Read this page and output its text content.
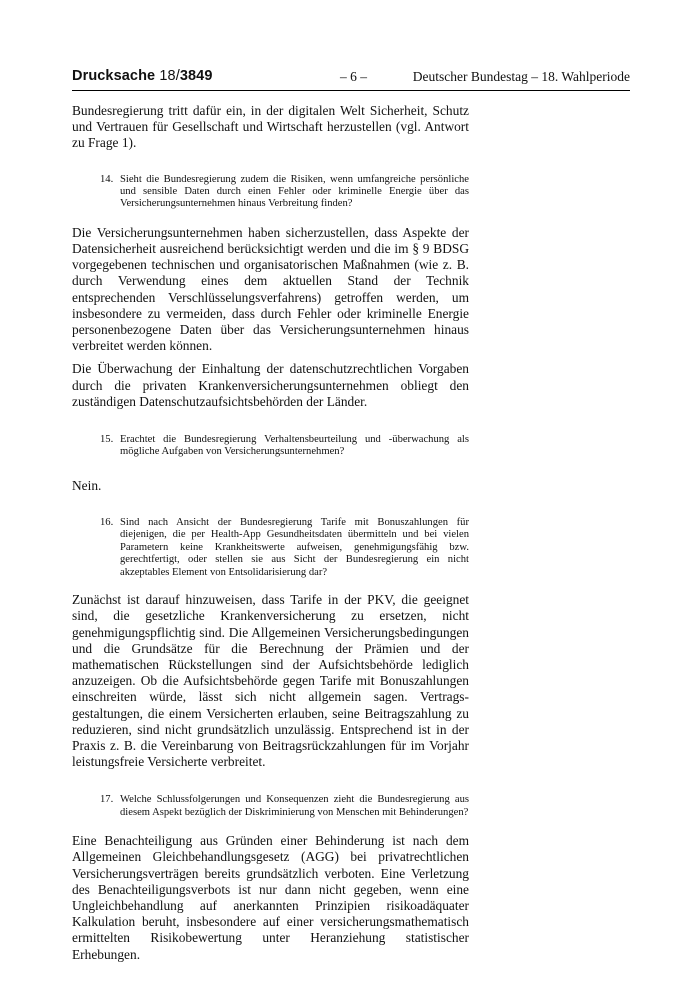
Drucksache 18/3849	– 6 –	Deutscher Bundestag – 18. Wahlperiode

Bundesregierung tritt dafür ein, in der digitalen Welt Sicherheit, Schutz und Vertrauen für Gesellschaft und Wirtschaft herzustellen (vgl. Antwort zu Frage 1).

14. Sieht die Bundesregierung zudem die Risiken, wenn umfangreiche persönliche und sensible Daten durch einen Fehler oder kriminelle Energie über das Versicherungsunternehmen hinaus Verbreitung finden?

Die Versicherungsunternehmen haben sicherzustellen, dass Aspekte der Datensicherheit ausreichend berücksichtigt werden und die im § 9 BDSG vorgegebenen technischen und organisatorischen Maßnahmen (wie z. B. durch Verwendung eines dem aktuellen Stand der Technik entsprechenden Verschlüsselungsverfahrens) getroffen werden, um insbesondere zu vermeiden, dass durch Fehler oder kriminelle Energie personenbezogene Daten über das Versicherungsunternehmen hinaus verbreitet werden können.

Die Überwachung der Einhaltung der datenschutzrechtlichen Vorgaben durch die privaten Krankenversicherungsunternehmen obliegt den zuständigen Datenschutzaufsichtsbehörden der Länder.

15. Erachtet die Bundesregierung Verhaltensbeurteilung und -überwachung als mögliche Aufgaben von Versicherungsunternehmen?

Nein.

16. Sind nach Ansicht der Bundesregierung Tarife mit Bonuszahlungen für diejenigen, die per Health-App Gesundheitsdaten übermitteln und bei vielen Parametern keine Krankheitswerte aufweisen, genehmigungsfähig bzw. gerechtfertigt, oder stellen sie aus Sicht der Bundesregierung ein nicht akzeptables Element von Entsolidarisierung dar?

Zunächst ist darauf hinzuweisen, dass Tarife in der PKV, die geeignet sind, die gesetzliche Krankenversicherung zu ersetzen, nicht genehmigungspflichtig sind. Die Allgemeinen Versicherungsbedingungen und die Grundsätze für die Berechnung der Prämien und der mathematischen Rückstellungen sind der Aufsichtsbehörde lediglich anzuzeigen. Ob die Aufsichtsbehörde gegen Tarife mit Bonuszahlungen einschreiten würde, lässt sich nicht allgemein sagen. Vertragsgestaltungen, die einem Versicherten erlauben, seine Beitragszahlung zu reduzieren, sind nicht grundsätzlich unzulässig. Entsprechend ist in der Praxis z. B. die Vereinbarung von Beitragsrückzahlungen für im Vorjahr leistungsfreie Versicherte verbreitet.

17. Welche Schlussfolgerungen und Konsequenzen zieht die Bundesregierung aus diesem Aspekt bezüglich der Diskriminierung von Menschen mit Behinderungen?

Eine Benachteiligung aus Gründen einer Behinderung ist nach dem Allgemeinen Gleichbehandlungsgesetz (AGG) bei privatrechtlichen Versicherungsverträgen bereits grundsätzlich verboten. Eine Verletzung des Benachteiligungsverbots ist nur dann nicht gegeben, wenn eine Ungleichbehandlung auf anerkannten Prinzipien risikoadäquater Kalkulation beruht, insbesondere auf einer versicherungsmathematisch ermittelten Risikobewertung unter Heranziehung statistischer Erhebungen.
